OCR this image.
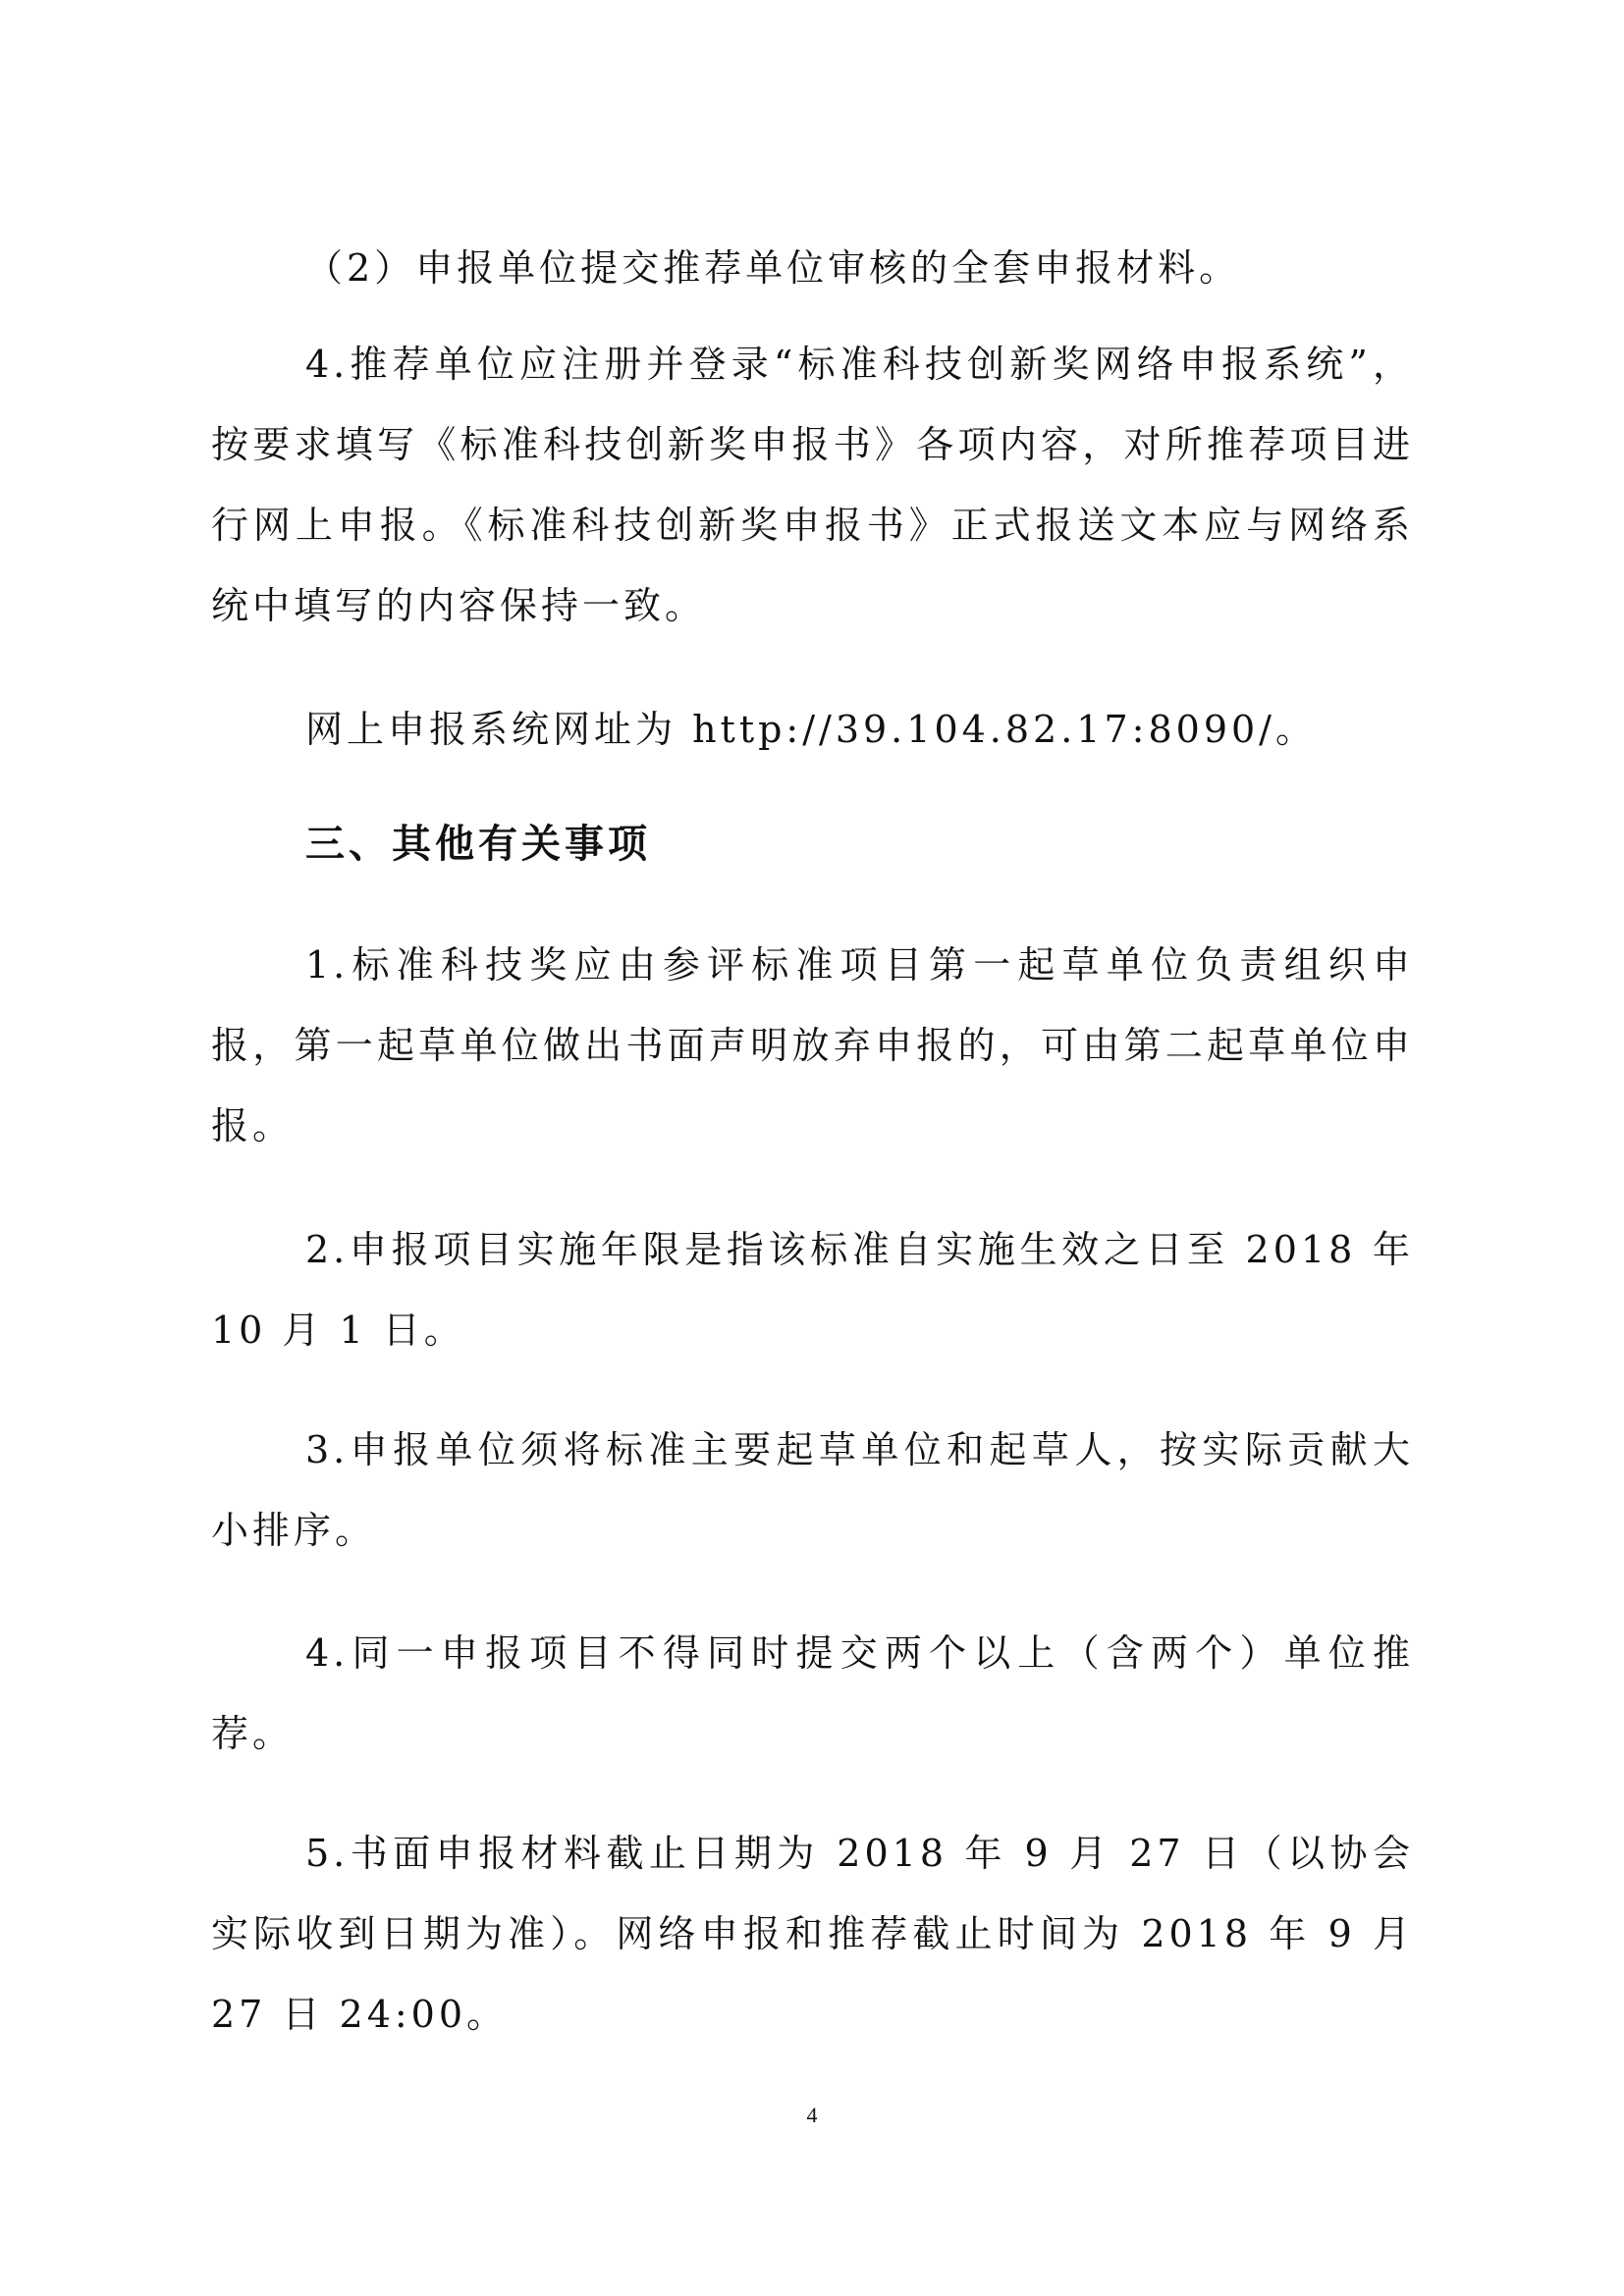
（2）申报单位提交推荐单位审核的全套申报材料。

4.推荐单位应注册并登录“标准科技创新奖网络申报系统”，按要求填写《标准科技创新奖申报书》各项内容，对所推荐项目进行网上申报。《标准科技创新奖申报书》正式报送文本应与网络系统中填写的内容保持一致。

网上申报系统网址为 http://39.104.82.17:8090/。

三、其他有关事项

1.标准科技奖应由参评标准项目第一起草单位负责组织申报，第一起草单位做出书面声明放弃申报的，可由第二起草单位申报。

2.申报项目实施年限是指该标准自实施生效之日至 2018 年 10 月 1 日。

3.申报单位须将标准主要起草单位和起草人，按实际贡献大小排序。

4.同一申报项目不得同时提交两个以上（含两个）单位推荐。

5.书面申报材料截止日期为 2018 年 9 月 27 日（以协会实际收到日期为准）。网络申报和推荐截止时间为 2018 年 9 月 27 日 24:00。

4
